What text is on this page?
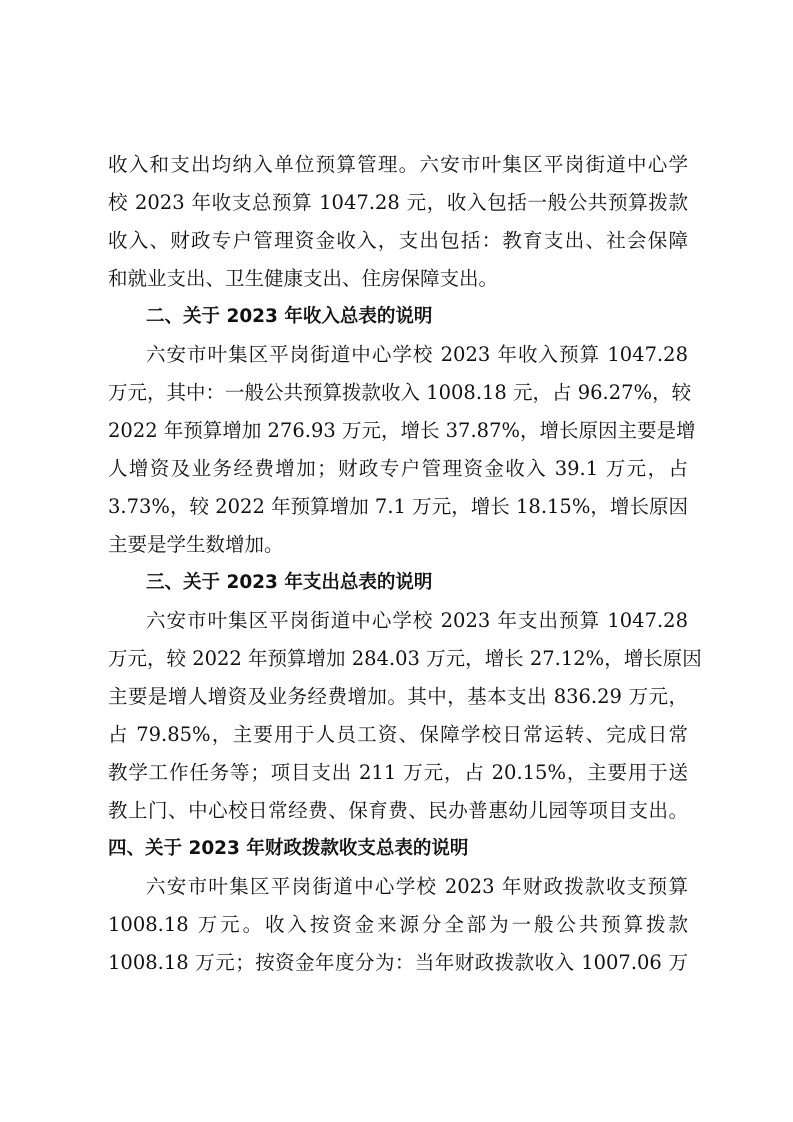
收入和支出均纳入单位预算管理。六安市叶集区平岗街道中心学
校 2023 年收支总预算 1047.28 元，收入包括一般公共预算拨款
收入、财政专户管理资金收入，支出包括：教育支出、社会保障
和就业支出、卫生健康支出、住房保障支出。
二、关于 2023 年收入总表的说明
六安市叶集区平岗街道中心学校 2023 年收入预算 1047.28
万元，其中：一般公共预算拨款收入 1008.18 元，占 96.27%，较
2022 年预算增加 276.93 万元，增长 37.87%，增长原因主要是增
人增资及业务经费增加；财政专户管理资金收入 39.1 万元，占
3.73%，较 2022 年预算增加 7.1 万元，增长 18.15%，增长原因
主要是学生数增加。
三、关于 2023 年支出总表的说明
六安市叶集区平岗街道中心学校 2023 年支出预算 1047.28
万元，较 2022 年预算增加 284.03 万元，增长 27.12%，增长原因
主要是增人增资及业务经费增加。其中，基本支出 836.29 万元，
占 79.85%，主要用于人员工资、保障学校日常运转、完成日常
教学工作任务等；项目支出 211 万元，占 20.15%，主要用于送
教上门、中心校日常经费、保育费、民办普惠幼儿园等项目支出。
四、关于 2023 年财政拨款收支总表的说明
六安市叶集区平岗街道中心学校 2023 年财政拨款收支预算
1008.18 万元。收入按资金来源分全部为一般公共预算拨款
1008.18 万元；按资金年度分为：当年财政拨款收入 1007.06 万
